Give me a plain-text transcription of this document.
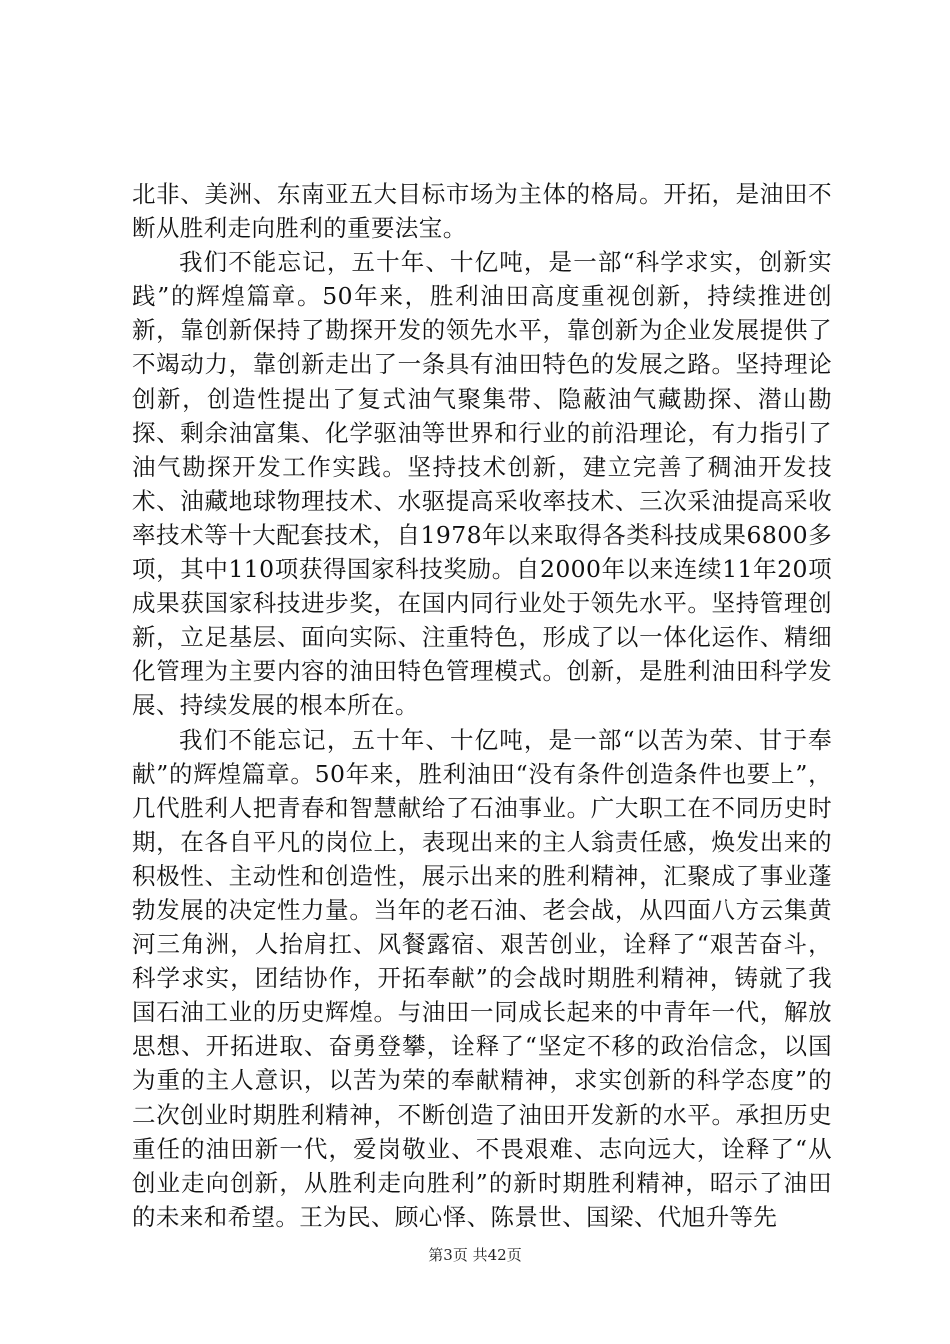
北非、美洲、东南亚五大目标市场为主体的格局。开拓，是油田不断从胜利走向胜利的重要法宝。

我们不能忘记，五十年、十亿吨，是一部“科学求实，创新实践”的辉煌篇章。50年来，胜利油田高度重视创新，持续推进创新，靠创新保持了勘探开发的领先水平，靠创新为企业发展提供了不竭动力，靠创新走出了一条具有油田特色的发展之路。坚持理论创新，创造性提出了复式油气聚集带、隐蔽油气藏勘探、潜山勘探、剩余油富集、化学驱油等世界和行业的前沿理论，有力指引了油气勘探开发工作实践。坚持技术创新，建立完善了稠油开发技术、油藏地球物理技术、水驱提高采收率技术、三次采油提高采收率技术等十大配套技术，自1978年以来取得各类科技成果6800多项，其中110项获得国家科技奖励。自2000年以来连续11年20项成果获国家科技进步奖，在国内同行业处于领先水平。坚持管理创新，立足基层、面向实际、注重特色，形成了以一体化运作、精细化管理为主要内容的油田特色管理模式。创新，是胜利油田科学发展、持续发展的根本所在。

我们不能忘记，五十年、十亿吨，是一部“以苦为荣、甘于奉献”的辉煌篇章。50年来，胜利油田“没有条件创造条件也要上”，几代胜利人把青春和智慧献给了石油事业。广大职工在不同历史时期，在各自平凡的岗位上，表现出来的主人翁责任感，焕发出来的积极性、主动性和创造性，展示出来的胜利精神，汇聚成了事业蓬勃发展的决定性力量。当年的老石油、老会战，从四面八方云集黄河三角洲，人抬肩扛、风餐露宿、艰苦创业，诠释了“艰苦奋斗，科学求实，团结协作，开拓奉献”的会战时期胜利精神，铸就了我国石油工业的历史辉煌。与油田一同成长起来的中青年一代，解放思想、开拓进取、奋勇登攀，诠释了“坚定不移的政治信念，以国为重的主人意识，以苦为荣的奉献精神，求实创新的科学态度”的二次创业时期胜利精神，不断创造了油田开发新的水平。承担历史重任的油田新一代，爱岗敬业、不畏艰难、志向远大，诠释了“从创业走向创新，从胜利走向胜利”的新时期胜利精神，昭示了油田的未来和希望。王为民、顾心怿、陈景世、国梁、代旭升等先

第3页 共42页
